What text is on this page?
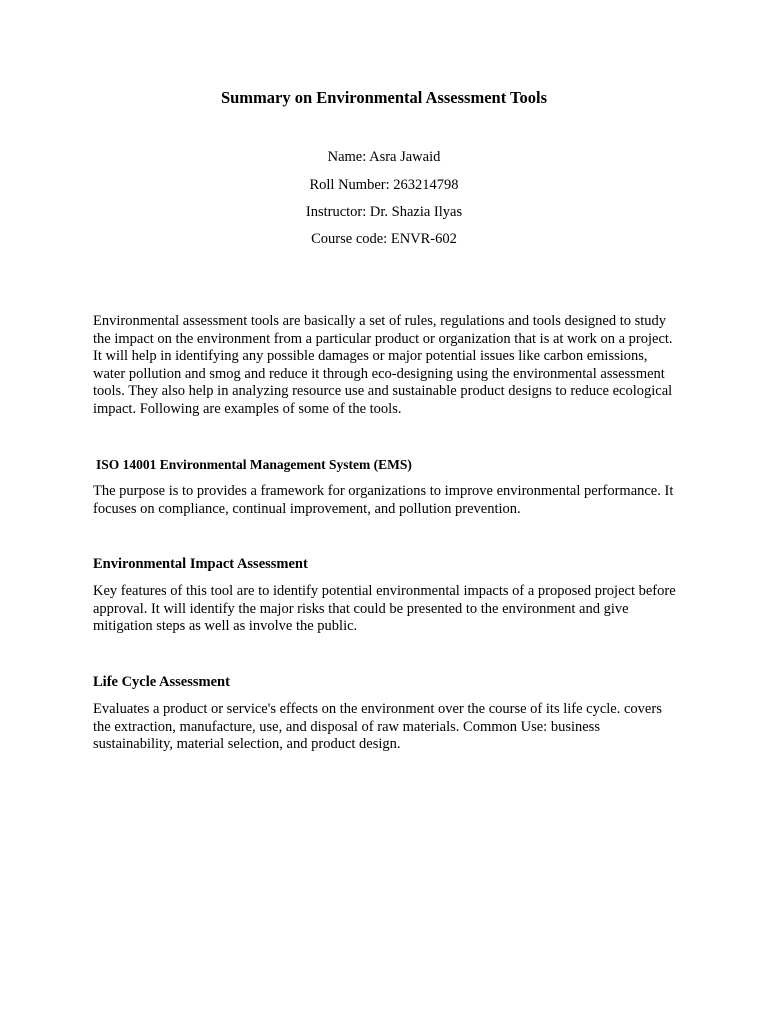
Summary on Environmental Assessment Tools
Name: Asra Jawaid
Roll Number: 263214798
Instructor: Dr. Shazia Ilyas
Course code: ENVR-602

Environmental assessment tools are basically a set of rules, regulations and tools designed to study the impact on the environment from a particular product or organization that is at work on a project. It will help in identifying any possible damages or major potential issues like carbon emissions, water pollution and smog and reduce it through eco-designing using the environmental assessment tools. They also help in analyzing resource use and sustainable product designs to reduce ecological impact. Following are examples of some of the tools.

ISO 14001 Environmental Management System (EMS)

The purpose is to provides a framework for organizations to improve environmental performance. It focuses on compliance, continual improvement, and pollution prevention.

Environmental Impact Assessment

Key features of this tool are to identify potential environmental impacts of a proposed project before approval. It will identify the major risks that could be presented to the environment and give mitigation steps as well as involve the public.

Life Cycle Assessment

Evaluates a product or service's effects on the environment over the course of its life cycle. covers the extraction, manufacture, use, and disposal of raw materials. Common Use: business sustainability, material selection, and product design.
